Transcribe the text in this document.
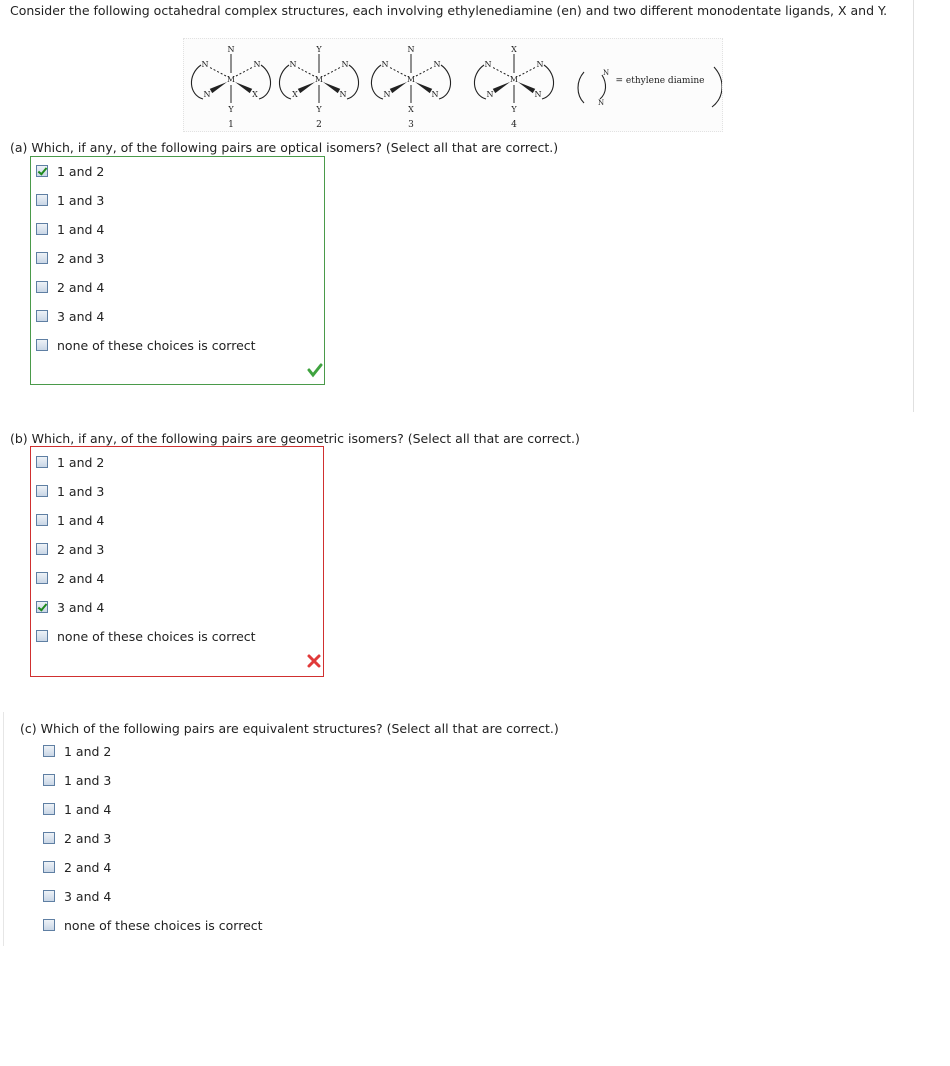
Consider the following octahedral complex structures, each involving ethylenediamine (en) and two different monodentate ligands, X and Y.
M
N
Y
N	N
N	X
1
M
Y
Y
N	N
X	N
2
M
N
X
N	N
N	N
3
M
X
Y
N	N
N	N
4
N
N
= ethylene diamine
(a) Which, if any, of the following pairs are optical isomers? (Select all that are correct.)
1 and 2
1 and 3
1 and 4
2 and 3
2 and 4
3 and 4
none of these choices is correct
(b) Which, if any, of the following pairs are geometric isomers? (Select all that are correct.)
1 and 2
1 and 3
1 and 4
2 and 3
2 and 4
3 and 4
none of these choices is correct
(c) Which of the following pairs are equivalent structures? (Select all that are correct.)
1 and 2
1 and 3
1 and 4
2 and 3
2 and 4
3 and 4
none of these choices is correct
